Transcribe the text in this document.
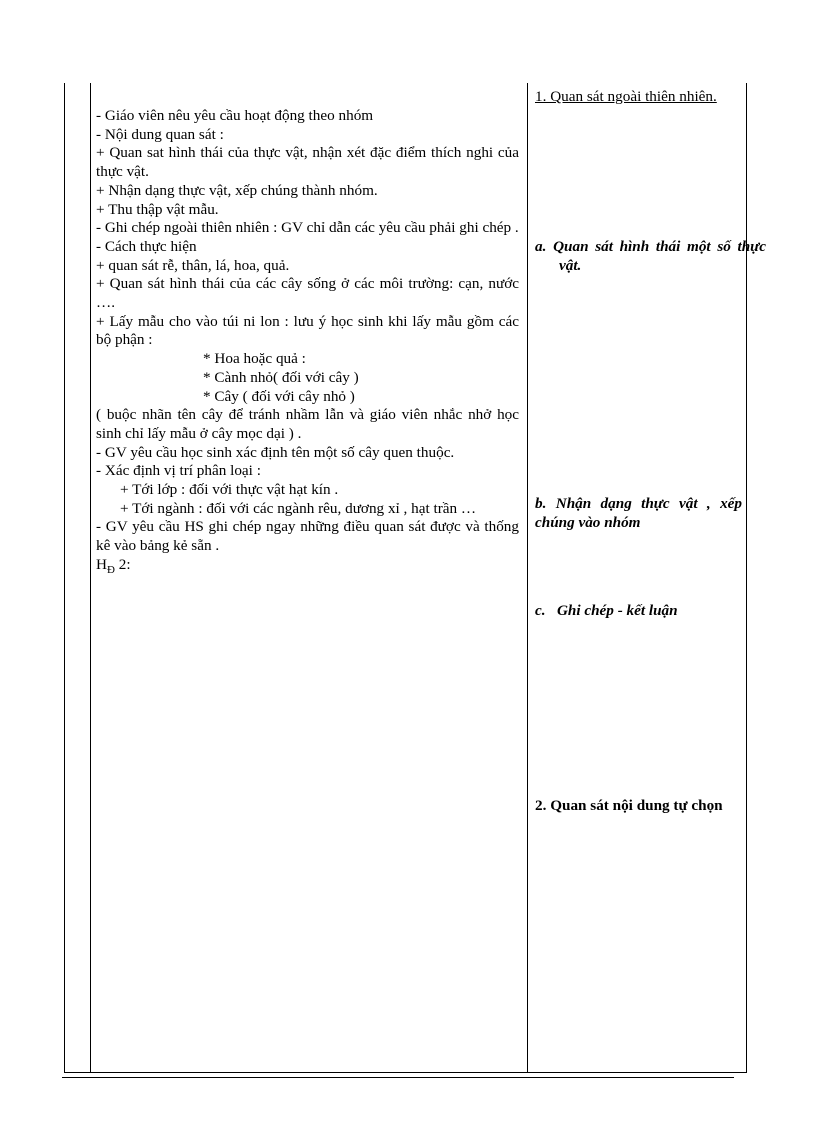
- Giáo viên nêu yêu cầu hoạt động theo nhóm
- Nội dung quan sát :
+ Quan sat hình thái của thực vật, nhận xét đặc điểm thích nghi của thực vật.
+ Nhận dạng thực vật, xếp chúng thành nhóm.
+ Thu thập vật mẫu.
- Ghi chép ngoài thiên nhiên : GV chỉ dẫn các yêu cầu phải ghi chép .
- Cách thực hiện
+ quan sát rễ, thân, lá, hoa, quả.
+ Quan sát hình thái của các cây sống ở các môi trường: cạn, nước ….
+ Lấy mẫu cho vào túi ni lon : lưu ý học sinh khi lấy mẫu gồm các bộ phận :
* Hoa hoặc quả :
* Cành nhỏ( đối với cây )
* Cây ( đối với cây nhỏ )
( buộc nhãn tên cây để tránh nhầm lẫn và giáo viên nhắc nhở học sinh chỉ lấy mẫu ở cây mọc dại ) .
- GV yêu cầu học sinh xác định tên một số cây quen thuộc.
- Xác định vị trí phân loại :
+ Tới lớp : đối với thực vật hạt kín .
+ Tới ngành : đối với các ngành rêu, dương xỉ , hạt trần …
- GV yêu cầu HS ghi chép ngay những điều quan sát được và thống kê vào bảng kẻ sẵn .
$H_Đ$ 2:
1. Quan sát ngoài thiên nhiên.
a. Quan sát hình thái một số thực vật.
b. Nhận dạng thực vật , xếp chúng vào nhóm
c. Ghi chép - kết luận
2. Quan sát nội dung tự chọn
